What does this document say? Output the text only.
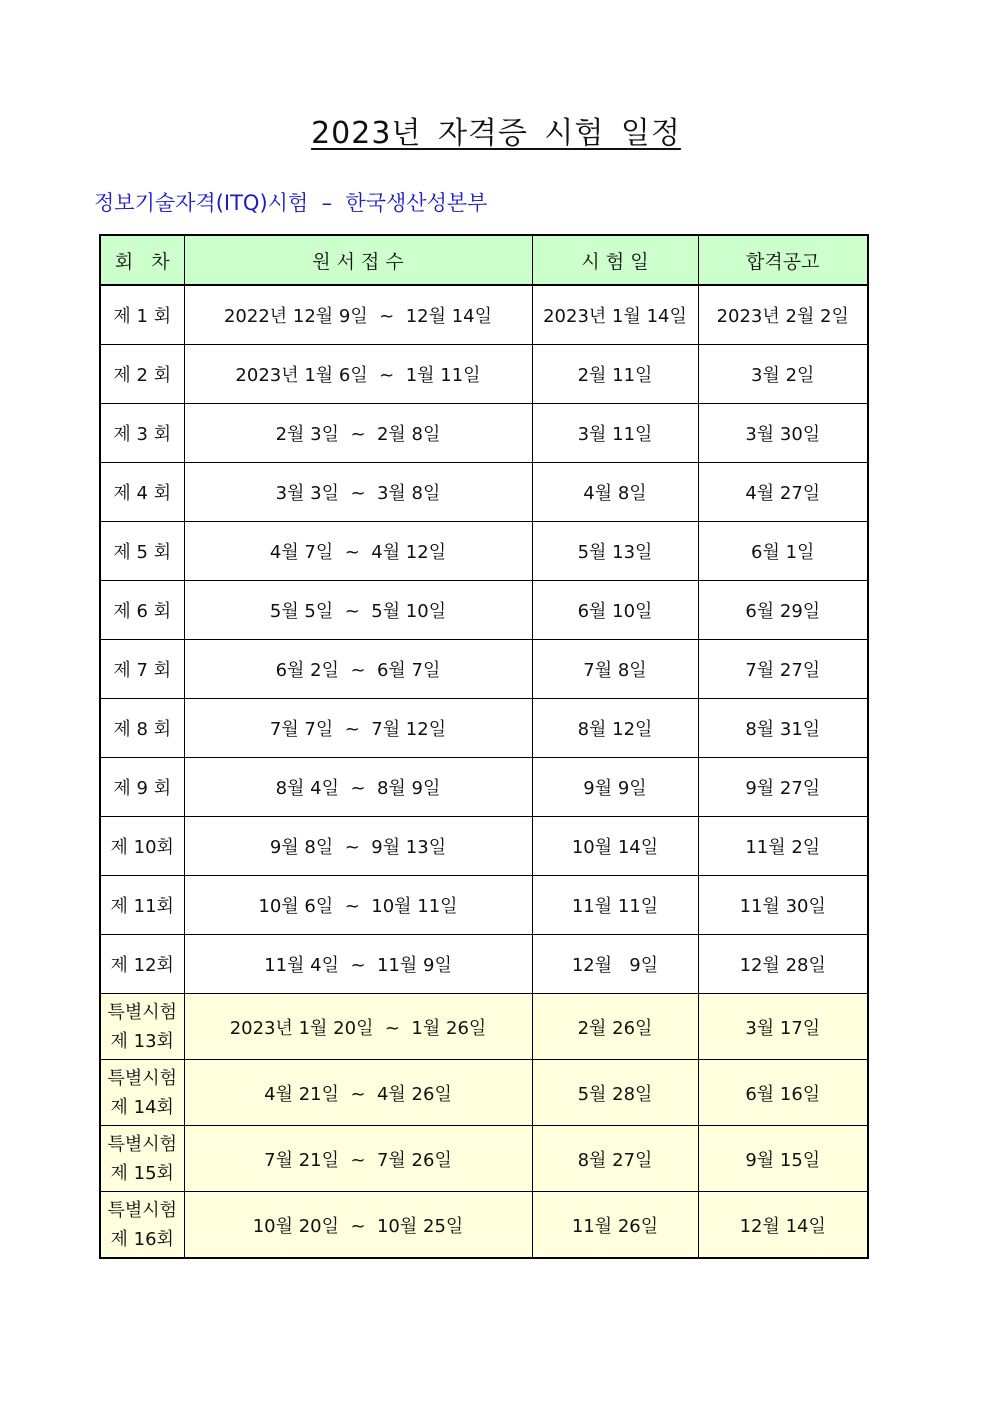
2023년 자격증 시험 일정
정보기술자격(ITQ)시험  –  한국생산성본부
회   차	원 서 접 수	시 험 일	합격공고
제 1 회	2022년 12월 9일  ~  12월 14일	2023년 1월 14일	2023년 2월 2일
제 2 회	2023년 1월 6일  ~  1월 11일	2월 11일	3월 2일
제 3 회	2월 3일  ~  2월 8일	3월 11일	3월 30일
제 4 회	3월 3일  ~  3월 8일	4월 8일	4월 27일
제 5 회	4월 7일  ~  4월 12일	5월 13일	6월 1일
제 6 회	5월 5일  ~  5월 10일	6월 10일	6월 29일
제 7 회	6월 2일  ~  6월 7일	7월 8일	7월 27일
제 8 회	7월 7일  ~  7월 12일	8월 12일	8월 31일
제 9 회	8월 4일  ~  8월 9일	9월 9일	9월 27일
제 10회	9월 8일  ~  9월 13일	10월 14일	11월 2일
제 11회	10월 6일  ~  10월 11일	11월 11일	11월 30일
제 12회	11월 4일  ~  11월 9일	12월   9일	12월 28일

특별시험
제 13회	2023년 1월 20일  ~  1월 26일	2월 26일	3월 17일

특별시험
제 14회	4월 21일  ~  4월 26일	5월 28일	6월 16일

특별시험
제 15회	7월 21일  ~  7월 26일	8월 27일	9월 15일

특별시험
제 16회	10월 20일  ~  10월 25일	11월 26일	12월 14일
